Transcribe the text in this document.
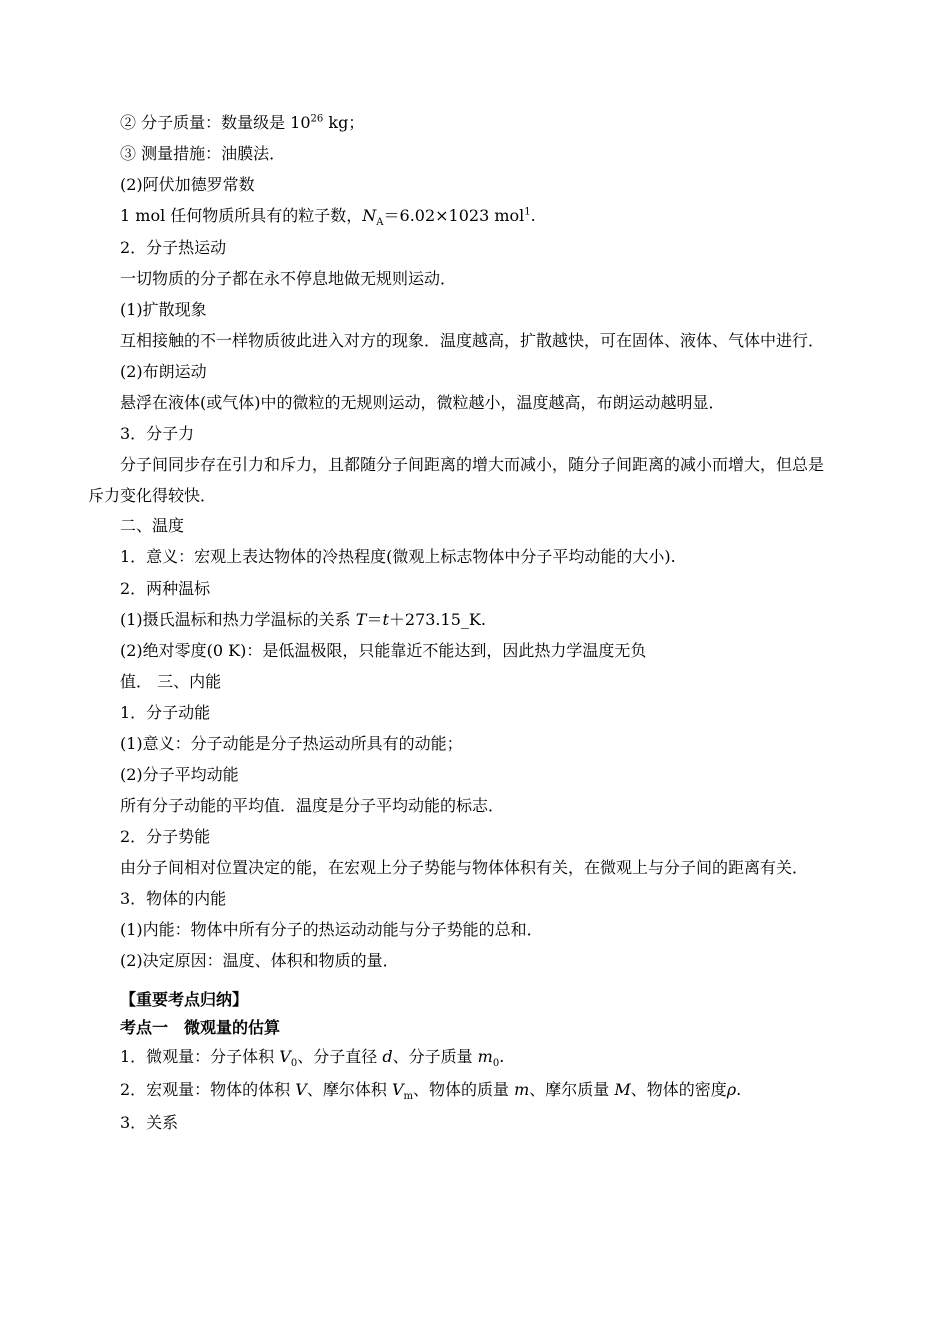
② 分子质量：数量级是 $10^{26}$ kg；
③ 测量措施：油膜法．
(2)阿伏加德罗常数
1 mol 任何物质所具有的粒子数，$N_A=6.02\times 1023$ mol$^1$.
2．分子热运动
一切物质的分子都在永不停息地做无规则运动．
(1)扩散现象
互相接触的不一样物质彼此进入对方的现象．温度越高，扩散越快，可在固体、液体、气体中进行．
(2)布朗运动
悬浮在液体(或气体)中的微粒的无规则运动，微粒越小，温度越高，布朗运动越明显．
3．分子力
分子间同步存在引力和斥力，且都随分子间距离的增大而减小，随分子间距离的减小而增大，但总是
斥力变化得较快．
二、温度
1．意义：宏观上表达物体的冷热程度(微观上标志物体中分子平均动能的大小).
2．两种温标
(1)摄氏温标和热力学温标的关系 T＝t＋273.15_K.
(2)绝对零度(0 K)：是低温极限，只能靠近不能达到，因此热力学温度无负
值． 三、内能
1．分子动能
(1)意义：分子动能是分子热运动所具有的动能；
(2)分子平均动能
所有分子动能的平均值．温度是分子平均动能的标志．
2．分子势能
由分子间相对位置决定的能，在宏观上分子势能与物体体积有关，在微观上与分子间的距离有关．
3．物体的内能
(1)内能：物体中所有分子的热运动动能与分子势能的总和．
(2)决定原因：温度、体积和物质的量．
【重要考点归纳】
考点一　微观量的估算
1．微观量：分子体积 $V_0$、分子直径 d、分子质量 $m_0$.
2．宏观量：物体的体积 V、摩尔体积 $V_m$、物体的质量 m、摩尔质量 M、物体的密度ρ.
3．关系
